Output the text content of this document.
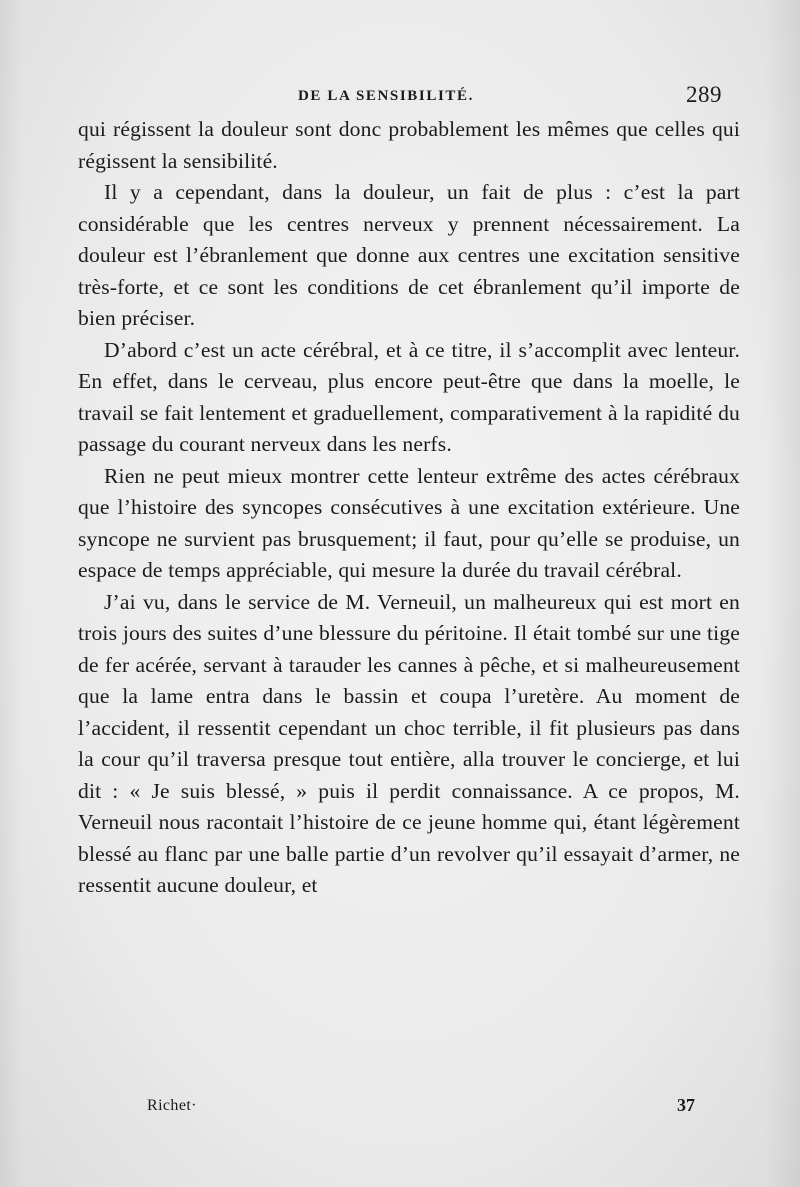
DE LA SENSIBILITÉ.	289

qui régissent la douleur sont donc probablement les mêmes que celles qui régissent la sensibilité.

Il y a cependant, dans la douleur, un fait de plus : c’est la part considérable que les centres nerveux y prennent nécessairement. La douleur est l’ébranlement que donne aux centres une excitation sensitive très-forte, et ce sont les conditions de cet ébranlement qu’il importe de bien préciser.

D’abord c’est un acte cérébral, et à ce titre, il s’accomplit avec lenteur. En effet, dans le cerveau, plus encore peut-être que dans la moelle, le travail se fait lentement et graduellement, comparativement à la rapidité du passage du courant nerveux dans les nerfs.

Rien ne peut mieux montrer cette lenteur extrême des actes cérébraux que l’histoire des syncopes consécutives à une excitation extérieure. Une syncope ne survient pas brusquement; il faut, pour qu’elle se produise, un espace de temps appréciable, qui mesure la durée du travail cérébral.

J’ai vu, dans le service de M. Verneuil, un malheureux qui est mort en trois jours des suites d’une blessure du péritoine. Il était tombé sur une tige de fer acérée, servant à tarauder les cannes à pêche, et si malheureusement que la lame entra dans le bassin et coupa l’uretère. Au moment de l’accident, il ressentit cependant un choc terrible, il fit plusieurs pas dans la cour qu’il traversa presque tout entière, alla trouver le concierge, et lui dit : « Je suis blessé, » puis il perdit connaissance. A ce propos, M. Verneuil nous racontait l’histoire de ce jeune homme qui, étant légèrement blessé au flanc par une balle partie d’un revolver qu’il essayait d’armer, ne ressentit aucune douleur, et

Richet·	37
